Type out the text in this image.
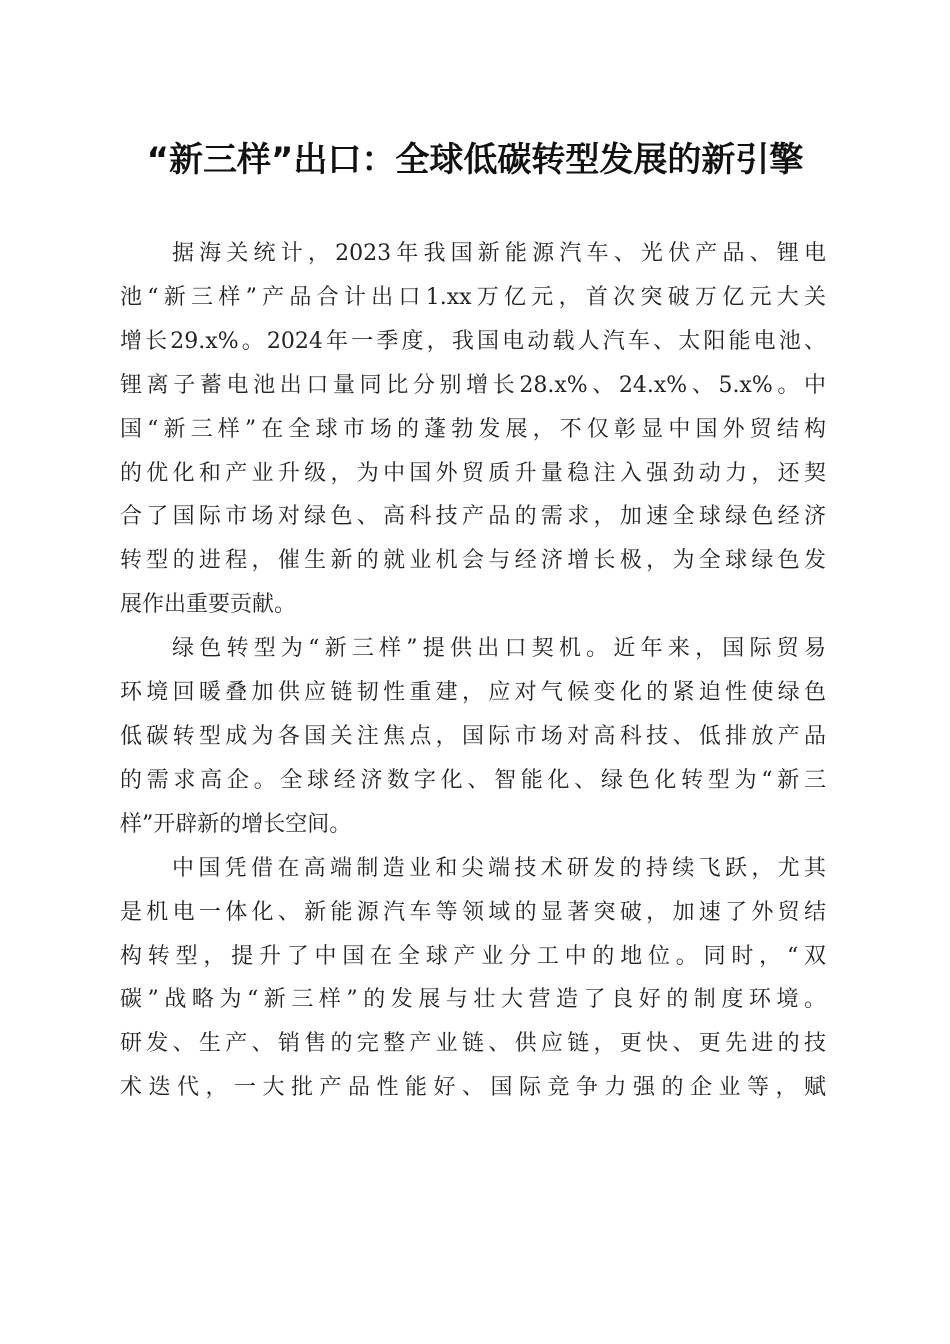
“新三样”出口：全球低碳转型发展的新引擎

据海关统计，2023年我国新能源汽车、光伏产品、锂电
池“新三样”产品合计出口1.xx万亿元，首次突破万亿元大关
增长29.x%。2024年一季度，我国电动载人汽车、太阳能电池、
锂离子蓄电池出口量同比分别增长28.x%、24.x%、5.x%。中
国“新三样”在全球市场的蓬勃发展，不仅彰显中国外贸结构
的优化和产业升级，为中国外贸质升量稳注入强劲动力，还契
合了国际市场对绿色、高科技产品的需求，加速全球绿色经济
转型的进程，催生新的就业机会与经济增长极，为全球绿色发
展作出重要贡献。

绿色转型为“新三样”提供出口契机。近年来，国际贸易
环境回暖叠加供应链韧性重建，应对气候变化的紧迫性使绿色
低碳转型成为各国关注焦点，国际市场对高科技、低排放产品
的需求高企。全球经济数字化、智能化、绿色化转型为“新三
样”开辟新的增长空间。

中国凭借在高端制造业和尖端技术研发的持续飞跃，尤其
是机电一体化、新能源汽车等领域的显著突破，加速了外贸结
构转型，提升了中国在全球产业分工中的地位。同时，“双
碳”战略为“新三样”的发展与壮大营造了良好的制度环境。
研发、生产、销售的完整产业链、供应链，更快、更先进的技
术迭代，一大批产品性能好、国际竞争力强的企业等，赋
